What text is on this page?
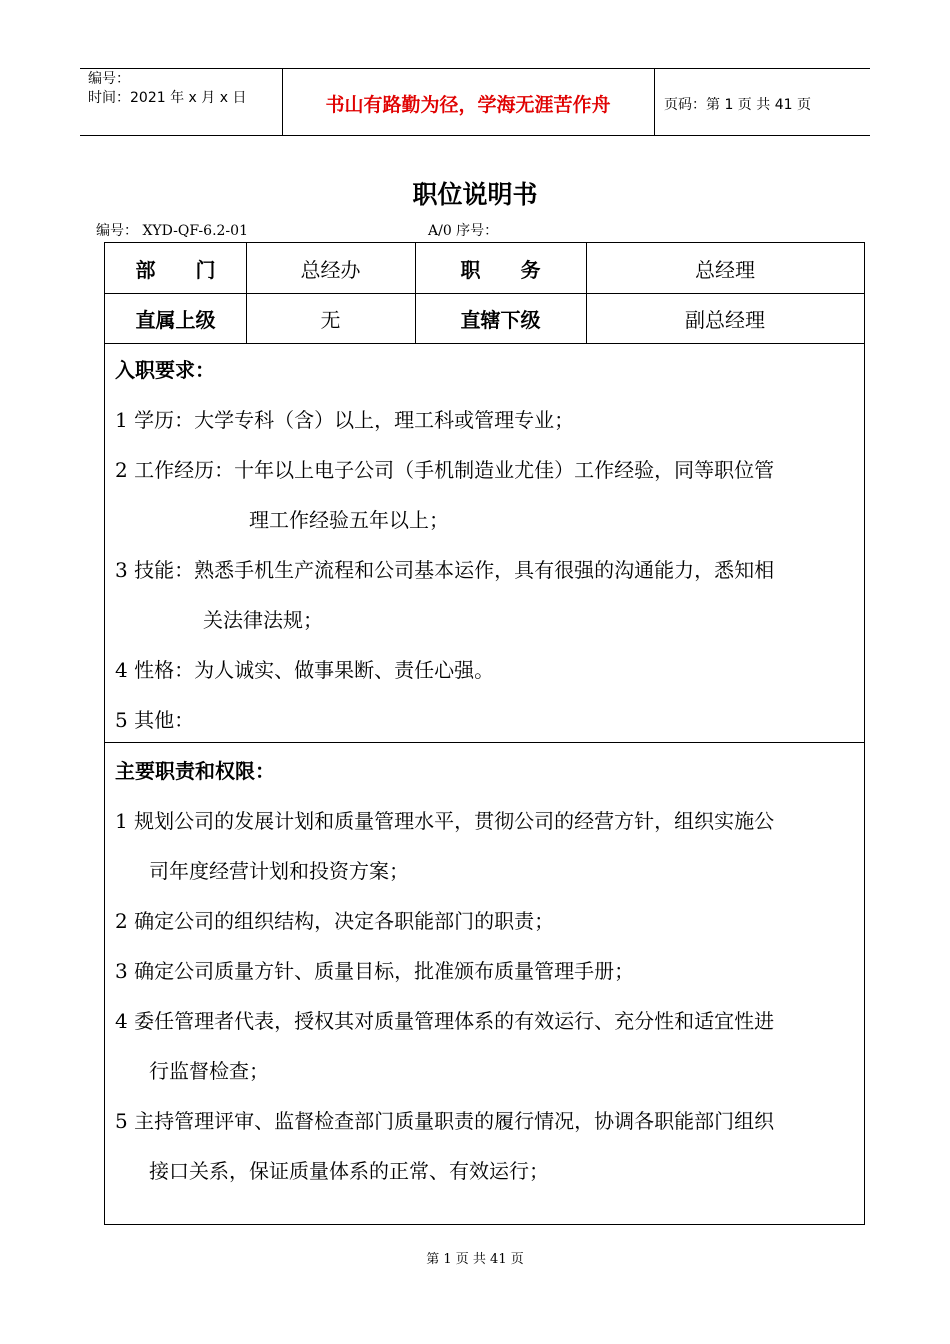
编号：
时间：2021 年 x 月 x 日	书山有路勤为径，学海无涯苦作舟	页码：第 1 页 共 41 页
职位说明书
编号： XYD-QF-6.2-01	A/0 序号：
部　　门	总经办	职　　务	总经理
直属上级	无	直辖下级	副总经理
入职要求：
1 学历：大学专科（含）以上，理工科或管理专业；
2 工作经历：十年以上电子公司（手机制造业尤佳）工作经验，同等职位管
理工作经验五年以上；
3 技能：熟悉手机生产流程和公司基本运作，具有很强的沟通能力，悉知相
关法律法规；
4 性格：为人诚实、做事果断、责任心强。
5 其他：
主要职责和权限：
1 规划公司的发展计划和质量管理水平，贯彻公司的经营方针，组织实施公
司年度经营计划和投资方案；
2 确定公司的组织结构，决定各职能部门的职责；
3 确定公司质量方针、质量目标，批准颁布质量管理手册；
4 委任管理者代表，授权其对质量管理体系的有效运行、充分性和适宜性进
行监督检查；
5 主持管理评审、监督检查部门质量职责的履行情况，协调各职能部门组织
接口关系，保证质量体系的正常、有效运行；
第 1 页 共 41 页
